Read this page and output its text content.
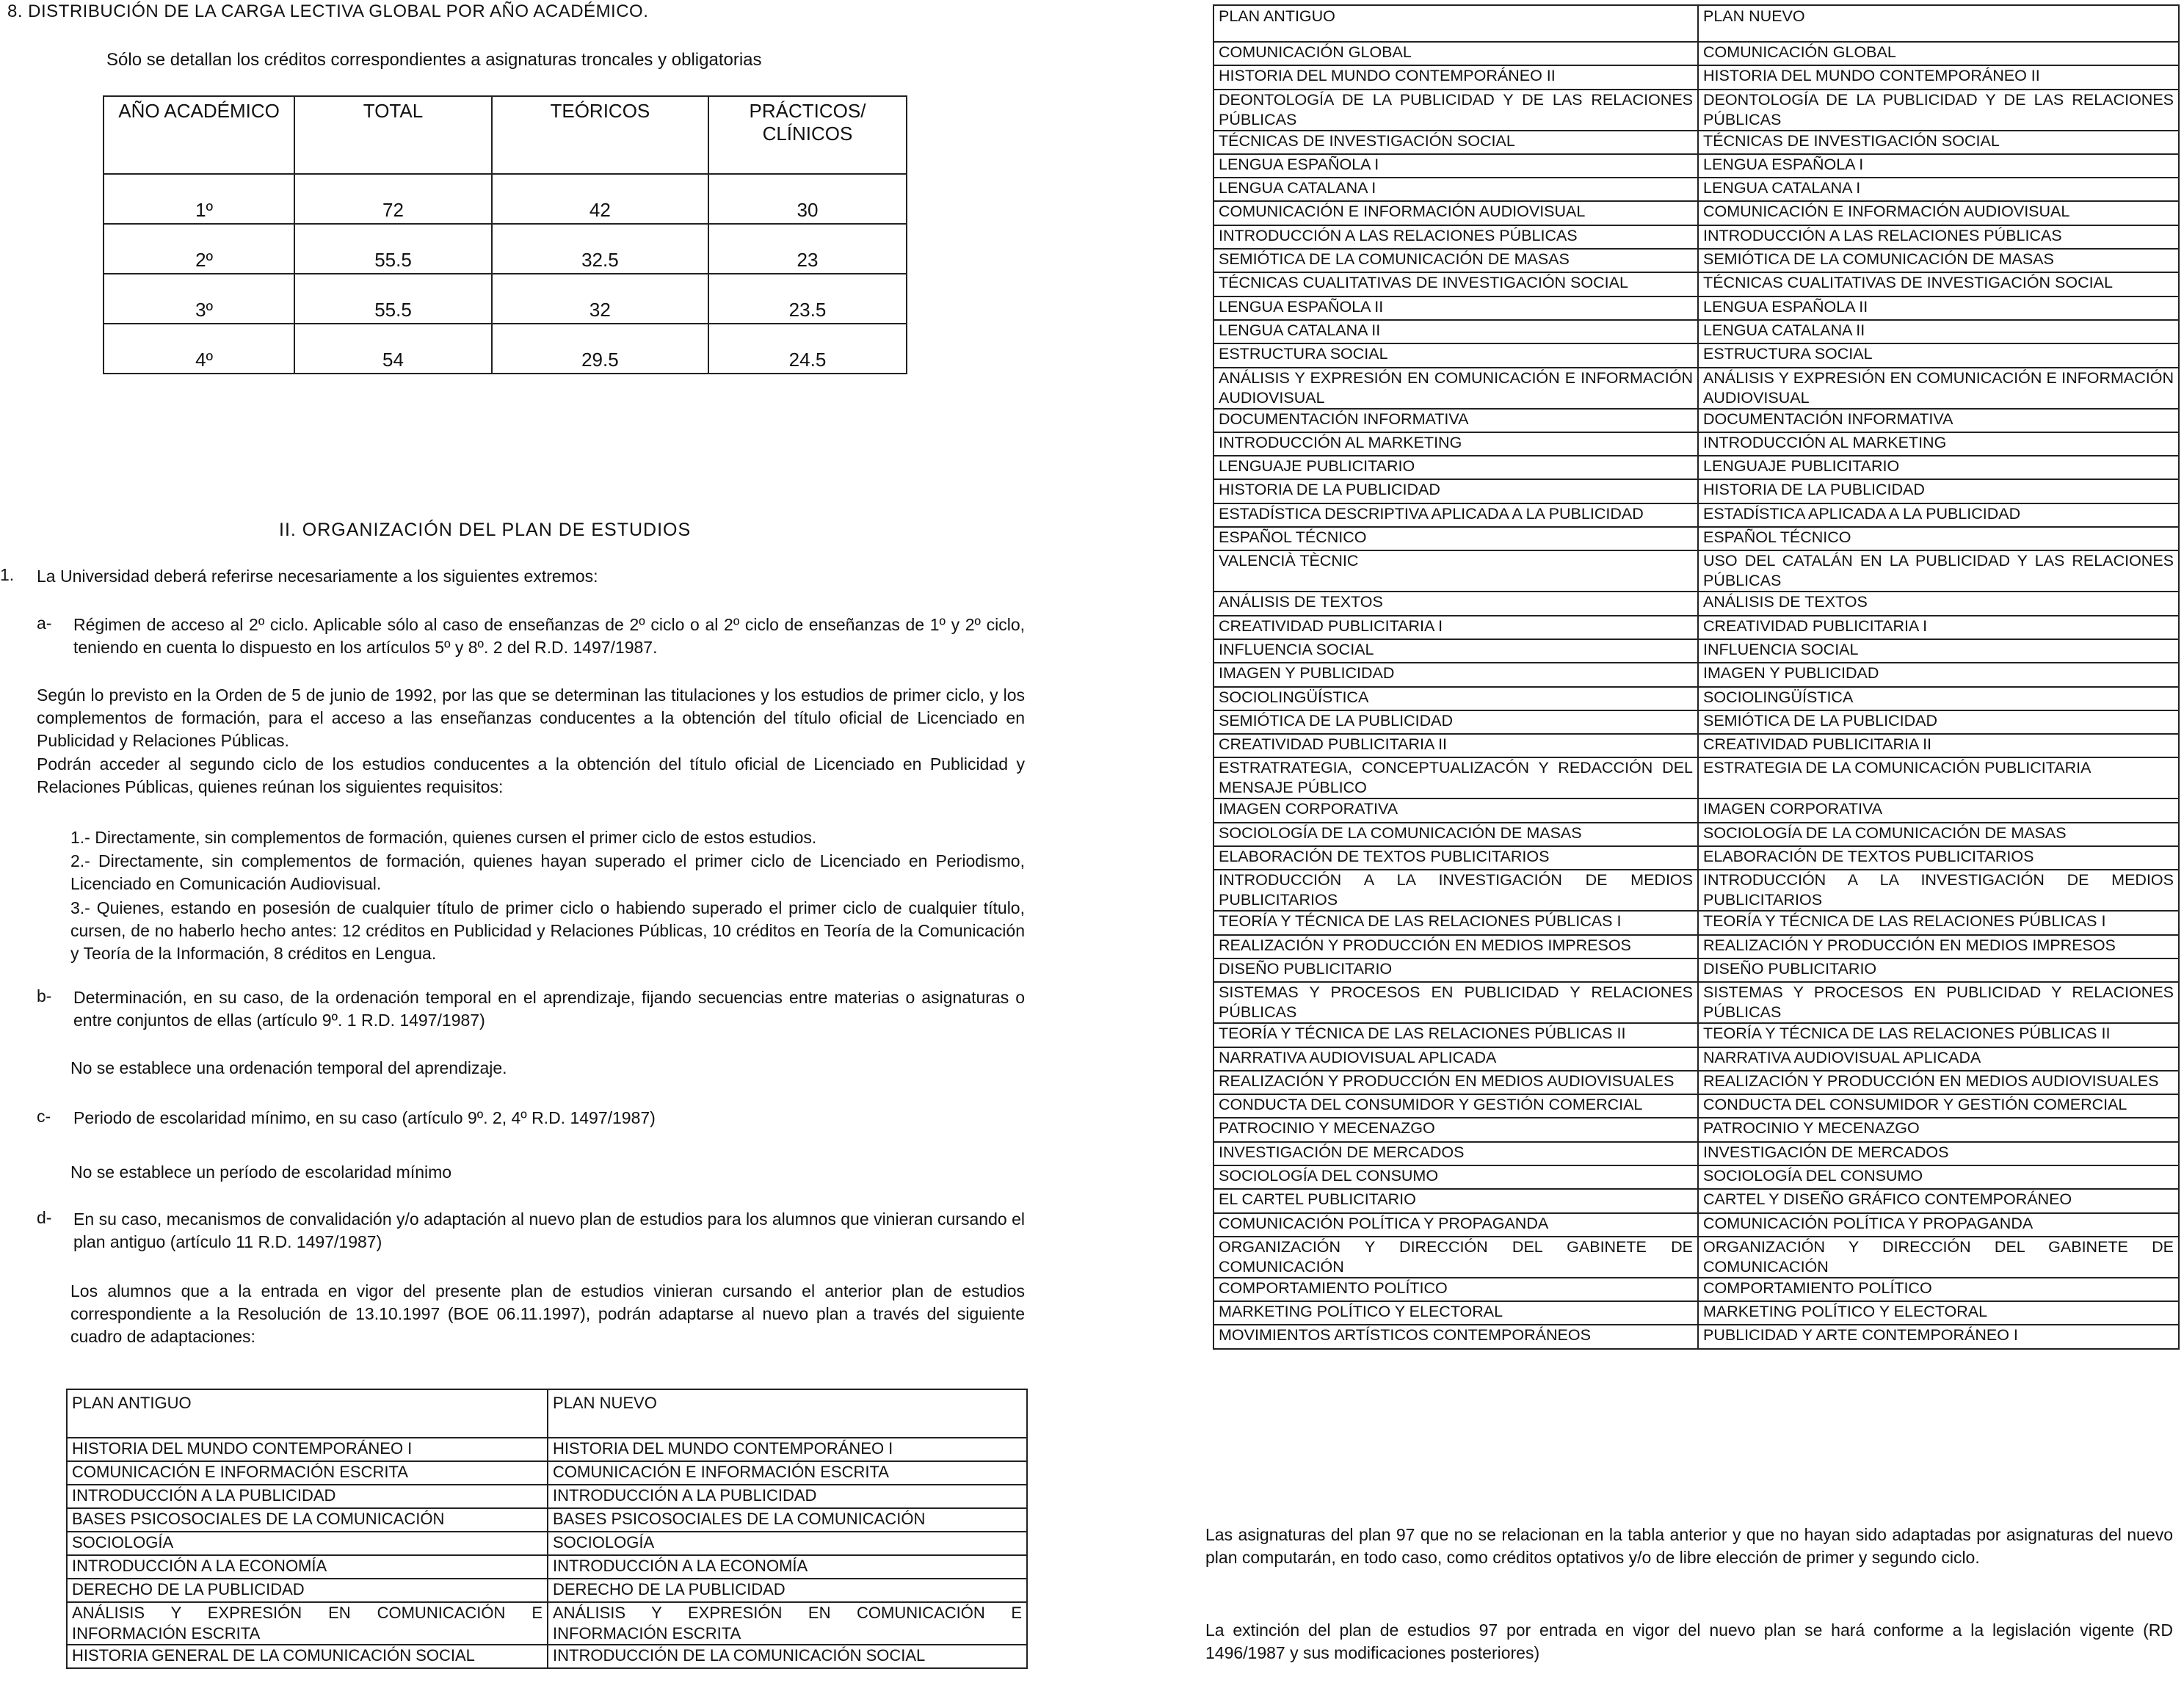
8. DISTRIBUCIÓN DE LA CARGA LECTIVA GLOBAL POR AÑO ACADÉMICO.
Sólo se detallan los créditos correspondientes a asignaturas troncales y obligatorias
AÑO ACADÉMICO	TOTAL	TEÓRICOS	PRÁCTICOS/ CLÍNICOS
1º	72	42	30
2º	55.5	32.5	23
3º	55.5	32	23.5
4º	54	29.5	24.5
II. ORGANIZACIÓN DEL PLAN DE ESTUDIOS
1. La Universidad deberá referirse necesariamente a los siguientes extremos:
a- Régimen de acceso al 2º ciclo. Aplicable sólo al caso de enseñanzas de 2º ciclo o al 2º ciclo de enseñanzas de 1º y 2º ciclo, teniendo en cuenta lo dispuesto en los artículos 5º y 8º. 2 del R.D. 1497/1987.
Según lo previsto en la Orden de 5 de junio de 1992, por las que se determinan las titulaciones y los estudios de primer ciclo, y los complementos de formación, para el acceso a las enseñanzas conducentes a la obtención del título oficial de Licenciado en Publicidad y Relaciones Públicas.
Podrán acceder al segundo ciclo de los estudios conducentes a la obtención del título oficial de Licenciado en Publicidad y Relaciones Públicas, quienes reúnan los siguientes requisitos:
1.- Directamente, sin complementos de formación, quienes cursen el primer ciclo de estos estudios.
2.- Directamente, sin complementos de formación, quienes hayan superado el primer ciclo de Licenciado en Periodismo, Licenciado en Comunicación Audiovisual.
3.- Quienes, estando en posesión de cualquier título de primer ciclo o habiendo superado el primer ciclo de cualquier título, cursen, de no haberlo hecho antes: 12 créditos en Publicidad y Relaciones Públicas, 10 créditos en Teoría de la Comunicación y Teoría de la Información, 8 créditos en Lengua.
b- Determinación, en su caso, de la ordenación temporal en el aprendizaje, fijando secuencias entre materias o asignaturas o entre conjuntos de ellas (artículo 9º. 1 R.D. 1497/1987)
No se establece una ordenación temporal del aprendizaje.
c- Periodo de escolaridad mínimo, en su caso (artículo 9º. 2, 4º R.D. 1497/1987)
No se establece un período de escolaridad mínimo
d- En su caso, mecanismos de convalidación y/o adaptación al nuevo plan de estudios para los alumnos que vinieran cursando el plan antiguo (artículo 11 R.D. 1497/1987)
Los alumnos que a la entrada en vigor del presente plan de estudios vinieran cursando el anterior plan de estudios correspondiente a la Resolución de 13.10.1997 (BOE 06.11.1997), podrán adaptarse al nuevo plan a través del siguiente cuadro de adaptaciones:
PLAN ANTIGUO	PLAN NUEVO
HISTORIA DEL MUNDO CONTEMPORÁNEO I	HISTORIA DEL MUNDO CONTEMPORÁNEO I
COMUNICACIÓN E INFORMACIÓN ESCRITA	COMUNICACIÓN E INFORMACIÓN ESCRITA
INTRODUCCIÓN A LA PUBLICIDAD	INTRODUCCIÓN A LA PUBLICIDAD
BASES PSICOSOCIALES DE LA COMUNICACIÓN	BASES PSICOSOCIALES DE LA COMUNICACIÓN
SOCIOLOGÍA	SOCIOLOGÍA
INTRODUCCIÓN A LA ECONOMÍA	INTRODUCCIÓN A LA ECONOMÍA
DERECHO DE LA PUBLICIDAD	DERECHO DE LA PUBLICIDAD
ANÁLISIS Y EXPRESIÓN EN COMUNICACIÓN E INFORMACIÓN ESCRITA	ANÁLISIS Y EXPRESIÓN EN COMUNICACIÓN E INFORMACIÓN ESCRITA
HISTORIA GENERAL DE LA COMUNICACIÓN SOCIAL	INTRODUCCIÓN DE LA COMUNICACIÓN SOCIAL
PLAN ANTIGUO	PLAN NUEVO
COMUNICACIÓN GLOBAL	COMUNICACIÓN GLOBAL
HISTORIA DEL MUNDO CONTEMPORÁNEO II	HISTORIA DEL MUNDO CONTEMPORÁNEO II
DEONTOLOGÍA DE LA PUBLICIDAD Y DE LAS RELACIONES PÚBLICAS	DEONTOLOGÍA DE LA PUBLICIDAD Y DE LAS RELACIONES PÚBLICAS
TÉCNICAS DE INVESTIGACIÓN SOCIAL	TÉCNICAS DE INVESTIGACIÓN SOCIAL
LENGUA ESPAÑOLA I	LENGUA ESPAÑOLA I
LENGUA CATALANA I	LENGUA CATALANA I
COMUNICACIÓN E INFORMACIÓN AUDIOVISUAL	COMUNICACIÓN E INFORMACIÓN AUDIOVISUAL
INTRODUCCIÓN A LAS RELACIONES PÚBLICAS	INTRODUCCIÓN A LAS RELACIONES PÚBLICAS
SEMIÓTICA DE LA COMUNICACIÓN DE MASAS	SEMIÓTICA DE LA COMUNICACIÓN DE MASAS
TÉCNICAS CUALITATIVAS DE INVESTIGACIÓN SOCIAL	TÉCNICAS CUALITATIVAS DE INVESTIGACIÓN SOCIAL
LENGUA ESPAÑOLA II	LENGUA ESPAÑOLA II
LENGUA CATALANA II	LENGUA CATALANA II
ESTRUCTURA SOCIAL	ESTRUCTURA SOCIAL
ANÁLISIS Y EXPRESIÓN EN COMUNICACIÓN E INFORMACIÓN AUDIOVISUAL	ANÁLISIS Y EXPRESIÓN EN COMUNICACIÓN E INFORMACIÓN AUDIOVISUAL
DOCUMENTACIÓN INFORMATIVA	DOCUMENTACIÓN INFORMATIVA
INTRODUCCIÓN AL MARKETING	INTRODUCCIÓN AL MARKETING
LENGUAJE PUBLICITARIO	LENGUAJE PUBLICITARIO
HISTORIA DE LA PUBLICIDAD	HISTORIA DE LA PUBLICIDAD
ESTADÍSTICA DESCRIPTIVA APLICADA A LA PUBLICIDAD	ESTADÍSTICA APLICADA A LA PUBLICIDAD
ESPAÑOL TÉCNICO	ESPAÑOL TÉCNICO
VALENCIÀ TÈCNIC	USO DEL CATALÁN EN LA PUBLICIDAD Y LAS RELACIONES PÚBLICAS
ANÁLISIS DE TEXTOS	ANÁLISIS DE TEXTOS
CREATIVIDAD PUBLICITARIA I	CREATIVIDAD PUBLICITARIA I
INFLUENCIA SOCIAL	INFLUENCIA SOCIAL
IMAGEN Y PUBLICIDAD	IMAGEN Y PUBLICIDAD
SOCIOLINGÜÍSTICA	SOCIOLINGÜÍSTICA
SEMIÓTICA DE LA PUBLICIDAD	SEMIÓTICA DE LA PUBLICIDAD
CREATIVIDAD PUBLICITARIA II	CREATIVIDAD PUBLICITARIA II
ESTRATRATEGIA, CONCEPTUALIZACÓN Y REDACCIÓN DEL MENSAJE PÚBLICO	ESTRATEGIA DE LA COMUNICACIÓN PUBLICITARIA
IMAGEN CORPORATIVA	IMAGEN CORPORATIVA
SOCIOLOGÍA DE LA COMUNICACIÓN DE MASAS	SOCIOLOGÍA DE LA COMUNICACIÓN DE MASAS
ELABORACIÓN DE TEXTOS PUBLICITARIOS	ELABORACIÓN DE TEXTOS PUBLICITARIOS
INTRODUCCIÓN A LA INVESTIGACIÓN DE MEDIOS PUBLICITARIOS	INTRODUCCIÓN A LA INVESTIGACIÓN DE MEDIOS PUBLICITARIOS
TEORÍA Y TÉCNICA DE LAS RELACIONES PÚBLICAS I	TEORÍA Y TÉCNICA DE LAS RELACIONES PÚBLICAS I
REALIZACIÓN Y PRODUCCIÓN EN MEDIOS IMPRESOS	REALIZACIÓN Y PRODUCCIÓN EN MEDIOS IMPRESOS
DISEÑO PUBLICITARIO	DISEÑO PUBLICITARIO
SISTEMAS Y PROCESOS EN PUBLICIDAD Y RELACIONES PÚBLICAS	SISTEMAS Y PROCESOS EN PUBLICIDAD Y RELACIONES PÚBLICAS
TEORÍA Y TÉCNICA DE LAS RELACIONES PÚBLICAS II	TEORÍA Y TÉCNICA DE LAS RELACIONES PÚBLICAS II
NARRATIVA AUDIOVISUAL APLICADA	NARRATIVA AUDIOVISUAL APLICADA
REALIZACIÓN Y PRODUCCIÓN EN MEDIOS AUDIOVISUALES	REALIZACIÓN Y PRODUCCIÓN EN MEDIOS AUDIOVISUALES
CONDUCTA DEL CONSUMIDOR Y GESTIÓN COMERCIAL	CONDUCTA DEL CONSUMIDOR Y GESTIÓN COMERCIAL
PATROCINIO Y MECENAZGO	PATROCINIO Y MECENAZGO
INVESTIGACIÓN DE MERCADOS	INVESTIGACIÓN DE MERCADOS
SOCIOLOGÍA DEL CONSUMO	SOCIOLOGÍA DEL CONSUMO
EL CARTEL PUBLICITARIO	CARTEL Y DISEÑO GRÁFICO CONTEMPORÁNEO
COMUNICACIÓN POLÍTICA Y PROPAGANDA	COMUNICACIÓN POLÍTICA Y PROPAGANDA
ORGANIZACIÓN Y DIRECCIÓN DEL GABINETE DE COMUNICACIÓN	ORGANIZACIÓN Y DIRECCIÓN DEL GABINETE DE COMUNICACIÓN
COMPORTAMIENTO POLÍTICO	COMPORTAMIENTO POLÍTICO
MARKETING POLÍTICO Y ELECTORAL	MARKETING POLÍTICO Y ELECTORAL
MOVIMIENTOS ARTÍSTICOS CONTEMPORÁNEOS	PUBLICIDAD Y ARTE CONTEMPORÁNEO I
Las asignaturas del plan 97 que no se relacionan en la tabla anterior y que no hayan sido adaptadas por asignaturas del nuevo plan computarán, en todo caso, como créditos optativos y/o de libre elección de primer y segundo ciclo.
La extinción del plan de estudios 97 por entrada en vigor del nuevo plan se hará conforme a la legislación vigente (RD 1496/1987 y sus modificaciones posteriores)
